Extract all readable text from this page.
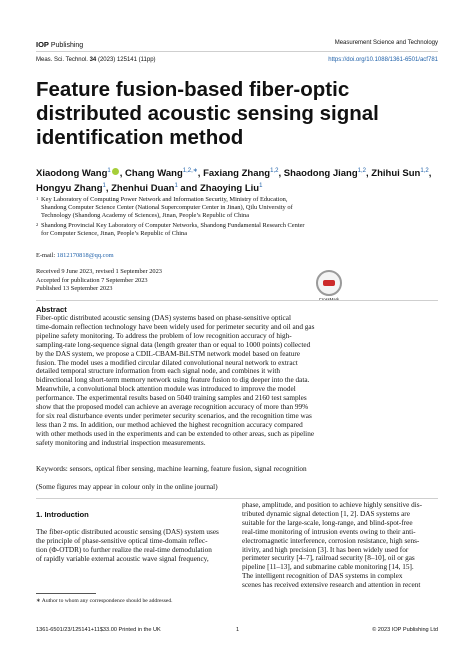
IOP Publishing	Measurement Science and Technology
Meas. Sci. Technol. 34 (2023) 125141 (11pp)	https://doi.org/10.1088/1361-6501/acf781
Feature fusion-based fiber-optic
distributed acoustic sensing signal
identification method
Xiaodong Wang$^1$ , Chang Wang$^{1,2,∗}$, Faxiang Zhang$^{1,2}$, Shaodong Jiang$^{1,2}$, Zhihui Sun$^{1,2}$,
Hongyu Zhang$^1$, Zhenhui Duan$^1$ and Zhaoying Liu$^1$
1 Key Laboratory of Computing Power Network and Information Security, Ministry of Education,
Shandong Computer Science Center (National Supercomputer Center in Jinan), Qilu University of
Technology (Shandong Academy of Sciences), Jinan, People’s Republic of China
2 Shandong Provincial Key Laboratory of Computer Networks, Shandong Fundamental Research Center
for Computer Science, Jinan, People’s Republic of China
E-mail: 1812170818@qq.com
Received 9 June 2023, revised 1 September 2023
Accepted for publication 7 September 2023
Published 13 September 2023
Abstract
Fiber-optic distributed acoustic sensing (DAS) systems based on phase-sensitive optical
time-domain reflection technology have been widely used for perimeter security and oil and gas
pipeline safety monitoring. To address the problem of low recognition accuracy of high-
sampling-rate long-sequence signal data (length greater than or equal to 1000 points) collected
by the DAS system, we propose a CDIL-CBAM-BiLSTM network model based on feature
fusion. The model uses a modified circular dilated convolutional neural network to extract
detailed temporal structure information from each signal node, and combines it with
bidirectional long short-term memory network using feature fusion to dig deeper into the data.
Meanwhile, a convolutional block attention module was introduced to improve the model
performance. The experimental results based on 5040 training samples and 2160 test samples
show that the proposed model can achieve an average recognition accuracy of more than 99%
for six real disturbance events under perimeter security scenarios, and the recognition time was
less than 2 ms. In addition, our method achieved the highest recognition accuracy compared
with other methods used in the experiments and can be extended to other areas, such as pipeline
safety monitoring and industrial inspection measurements.
Keywords: sensors, optical fiber sensing, machine learning, feature fusion, signal recognition
(Some figures may appear in colour only in the online journal)
1. Introduction
The fiber-optic distributed acoustic sensing (DAS) system uses
the principle of phase-sensitive optical time-domain reflec-
tion (Φ-OTDR) to further realize the real-time demodulation
of rapidly variable external acoustic wave signal frequency,
phase, amplitude, and position to achieve highly sensitive dis-
tributed dynamic signal detection [1, 2]. DAS systems are
suitable for the large-scale, long-range, and blind-spot-free
real-time monitoring of intrusion events owing to their anti-
electromagnetic interference, corrosion resistance, high sens-
itivity, and high precision [3]. It has been widely used for
perimeter security [4–7], railroad security [8–10], oil or gas
pipeline [11–13], and submarine cable monitoring [14, 15].
The intelligent recognition of DAS systems in complex
scenes has received extensive research and attention in recent
∗ Author to whom any correspondence should be addressed.
1361-6501/23/125141+11$33.00 Printed in the UK	1	© 2023 IOP Publishing Ltd
